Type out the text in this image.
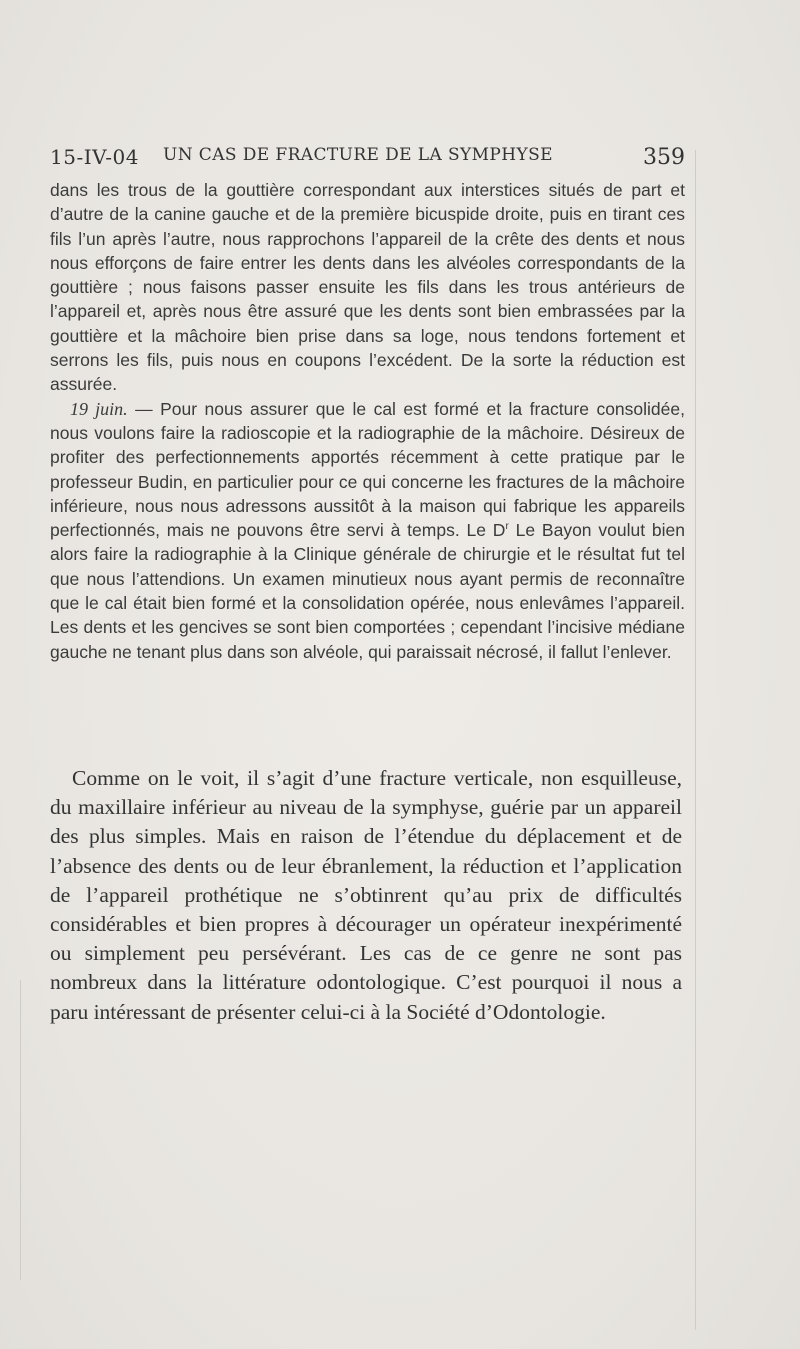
15-IV-04 UN CAS DE FRACTURE DE LA SYMPHYSE	359

dans les trous de la gouttière correspondant aux interstices situés de part et d’autre de la canine gauche et de la première bicuspide droite, puis en tirant ces fils l’un après l’autre, nous rapprochons l’appareil de la crête des dents et nous nous efforçons de faire entrer les dents dans les alvéoles correspondants de la gouttière ; nous faisons passer ensuite les fils dans les trous antérieurs de l’appareil et, après nous être assuré que les dents sont bien embrassées par la gouttière et la mâchoire bien prise dans sa loge, nous tendons fortement et serrons les fils, puis nous en coupons l’excédent. De la sorte la réduction est assurée.

19 juin. — Pour nous assurer que le cal est formé et la fracture consolidée, nous voulons faire la radioscopie et la radiographie de la mâchoire. Désireux de profiter des perfectionnements apportés récemment à cette pratique par le professeur Budin, en particulier pour ce qui concerne les fractures de la mâchoire inférieure, nous nous adressons aussitôt à la maison qui fabrique les appareils perfectionnés, mais ne pouvons être servi à temps. Le $D^r$ Le Bayon voulut bien alors faire la radiographie à la Clinique générale de chirurgie et le résultat fut tel que nous l’attendions. Un examen minutieux nous ayant permis de reconnaître que le cal était bien formé et la consolidation opérée, nous enlevâmes l’appareil. Les dents et les gencives se sont bien comportées ; cependant l’incisive médiane gauche ne tenant plus dans son alvéole, qui paraissait nécrosé, il fallut l’enlever.

Comme on le voit, il s’agit d’une fracture verticale, non esquilleuse, du maxillaire inférieur au niveau de la symphyse, guérie par un appareil des plus simples. Mais en raison de l’étendue du déplacement et de l’absence des dents ou de leur ébranlement, la réduction et l’application de l’appareil prothétique ne s’obtinrent qu’au prix de difficultés considérables et bien propres à décourager un opérateur inexpérimenté ou simplement peu persévérant. Les cas de ce genre ne sont pas nombreux dans la littérature odontologique. C’est pourquoi il nous a paru intéressant de présenter celui-ci à la Société d’Odontologie.
